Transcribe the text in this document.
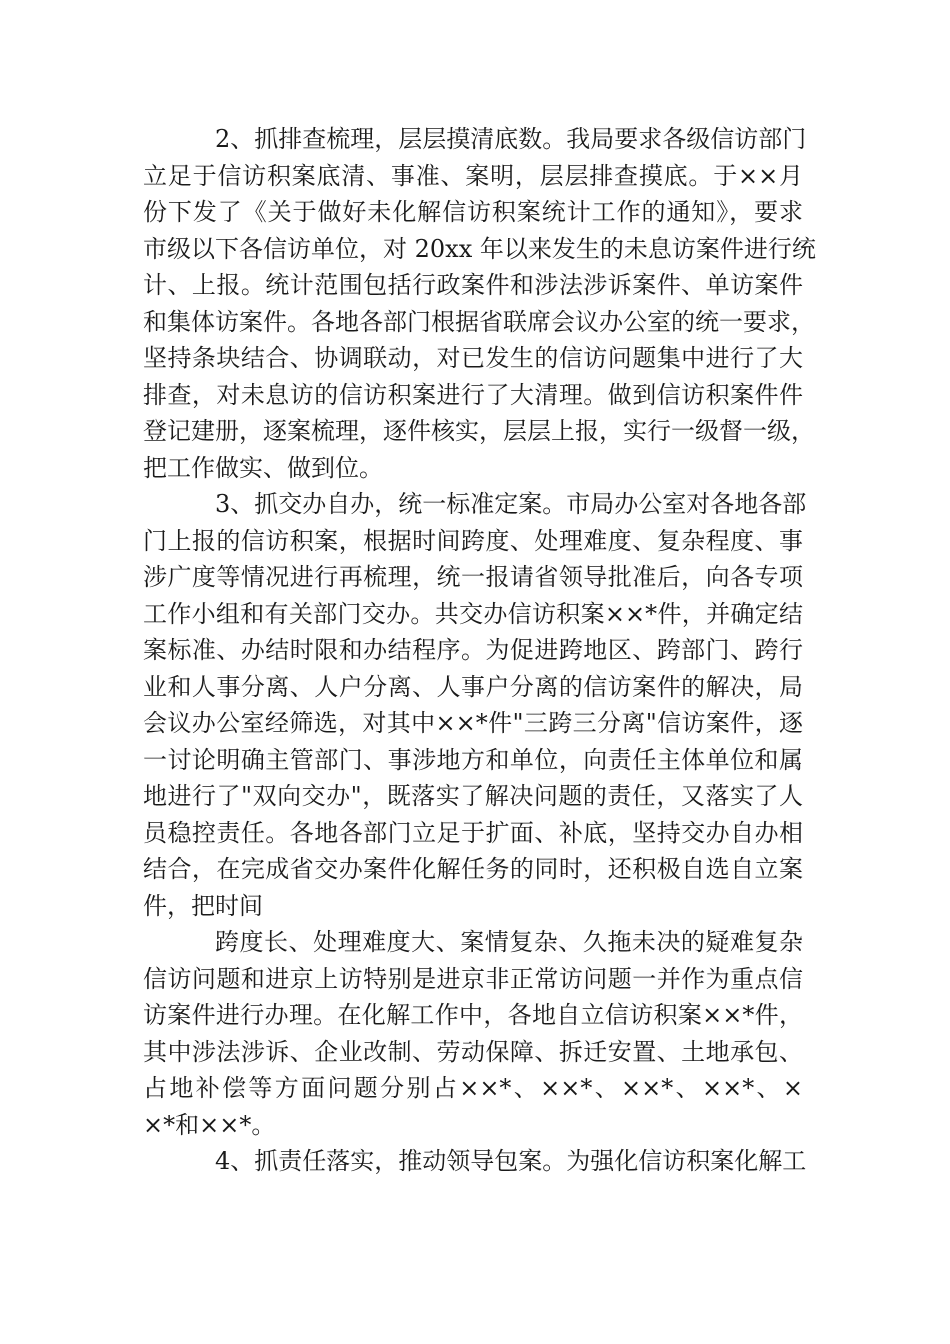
2、抓排查梳理，层层摸清底数。我局要求各级信访部门
立足于信访积案底清、事准、案明，层层排查摸底。于××月
份下发了《关于做好未化解信访积案统计工作的通知》，要求
市级以下各信访单位，对 20xx 年以来发生的未息访案件进行统
计、上报。统计范围包括行政案件和涉法涉诉案件、单访案件
和集体访案件。各地各部门根据省联席会议办公室的统一要求，
坚持条块结合、协调联动，对已发生的信访问题集中进行了大
排查，对未息访的信访积案进行了大清理。做到信访积案件件
登记建册，逐案梳理，逐件核实，层层上报，实行一级督一级，
把工作做实、做到位。
3、抓交办自办，统一标准定案。市局办公室对各地各部
门上报的信访积案，根据时间跨度、处理难度、复杂程度、事
涉广度等情况进行再梳理，统一报请省领导批准后，向各专项
工作小组和有关部门交办。共交办信访积案××*件，并确定结
案标准、办结时限和办结程序。为促进跨地区、跨部门、跨行
业和人事分离、人户分离、人事户分离的信访案件的解决，局
会议办公室经筛选，对其中××*件"三跨三分离"信访案件，逐
一讨论明确主管部门、事涉地方和单位，向责任主体单位和属
地进行了"双向交办"，既落实了解决问题的责任，又落实了人
员稳控责任。各地各部门立足于扩面、补底，坚持交办自办相
结合，在完成省交办案件化解任务的同时，还积极自选自立案
件，把时间
跨度长、处理难度大、案情复杂、久拖未决的疑难复杂
信访问题和进京上访特别是进京非正常访问题一并作为重点信
访案件进行办理。在化解工作中，各地自立信访积案××*件，
其中涉法涉诉、企业改制、劳动保障、拆迁安置、土地承包、
占地补偿等方面问题分别占××*、××*、××*、××*、×
×*和××*。
4、抓责任落实，推动领导包案。为强化信访积案化解工
